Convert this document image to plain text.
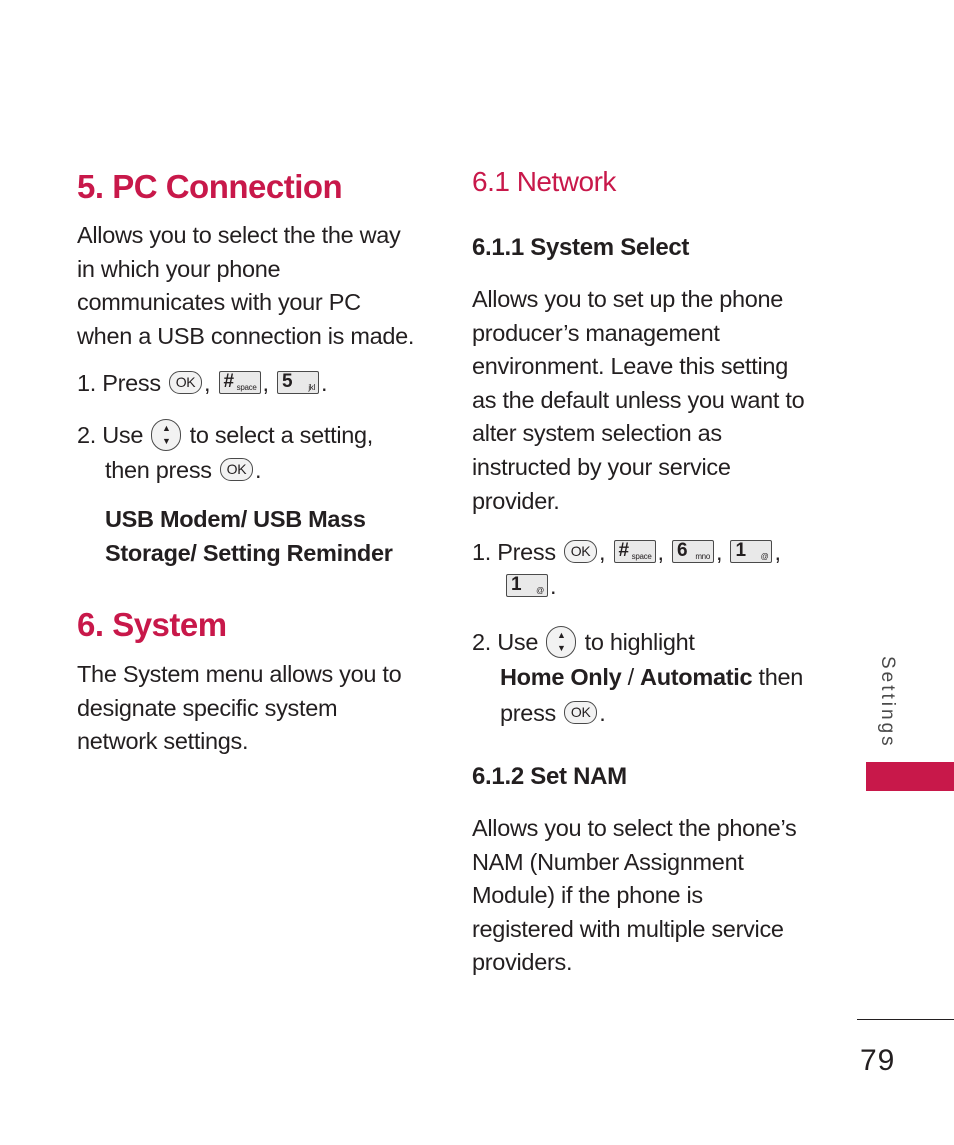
5. PC Connection

Allows you to select the the way
in which your phone
communicates with your PC
when a USB connection is made.

1. Press OK , # space , 5 jkl .
2. Use	▲
▼ to select a setting,
then press OK .

USB Modem/ USB Mass
Storage/ Setting Reminder

6. System

The System menu allows you to
designate specific system
network settings.

6.1 Network
6.1.1 System Select

Allows you to set up the phone
producer’s management
environment. Leave this setting
as the default unless you want to
alter system selection as
instructed by your service
provider.

1. Press OK , # space , 6 mno , 1 @ ,
1 @ .
2. Use	▲
▼ to highlight
Home Only / Automatic then
press OK .
6.1.2 Set NAM

Allows you to select the phone’s
NAM (Number Assignment
Module) if the phone is
registered with multiple service
providers.

Settings
79
